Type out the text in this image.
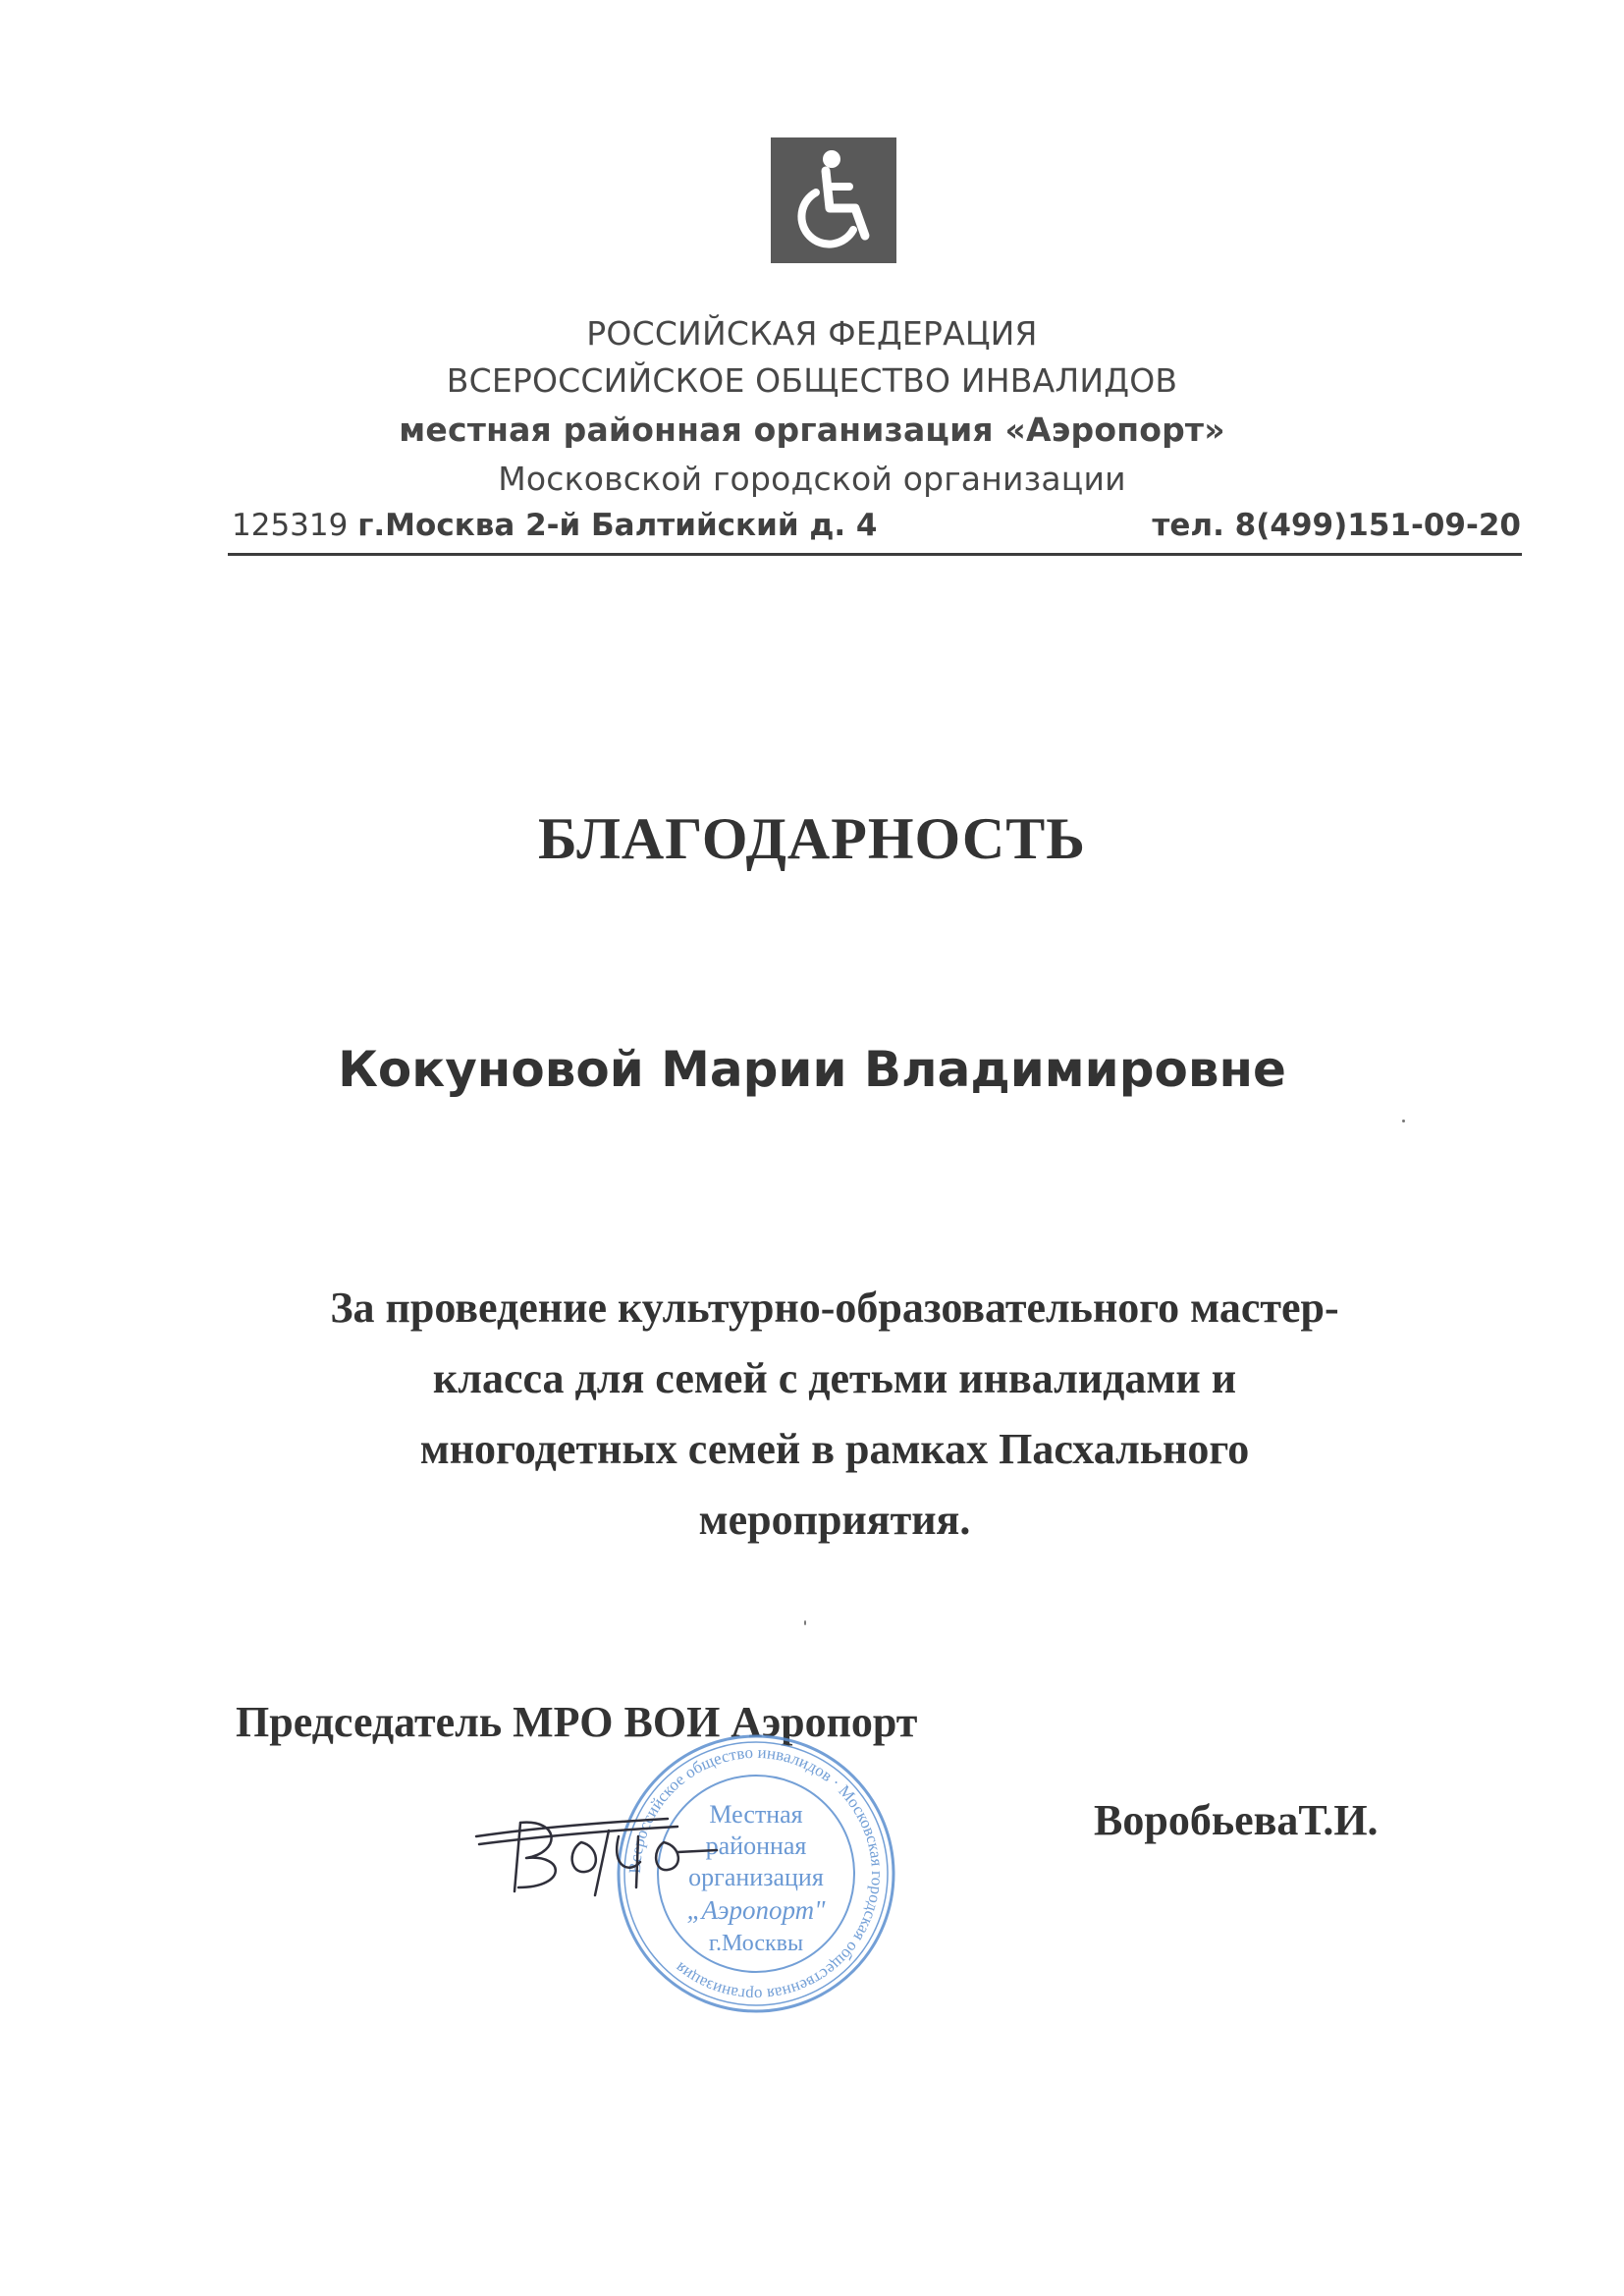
РОССИЙСКАЯ ФЕДЕРАЦИЯ
ВСЕРОССИЙСКОЕ ОБЩЕСТВО ИНВАЛИДОВ
местная районная организация «Аэропорт»
Московской городской организации
125319 г.Москва 2-й Балтийский д. 4	тел. 8(499)151-09-20
БЛАГОДАРНОСТЬ
Кокуновой Марии Владимировне
За проведение культурно-образовательного мастер-
класса для семей с детьми инвалидами и
многодетных семей в рамках Пасхального
мероприятия.
Председатель МРО ВОИ Аэропорт
Всероссийское общество инвалидов · Московская городская общественная организация
Местная
районная
организация
„Аэропорт"
г.Москвы
ВоробьеваТ.И.
